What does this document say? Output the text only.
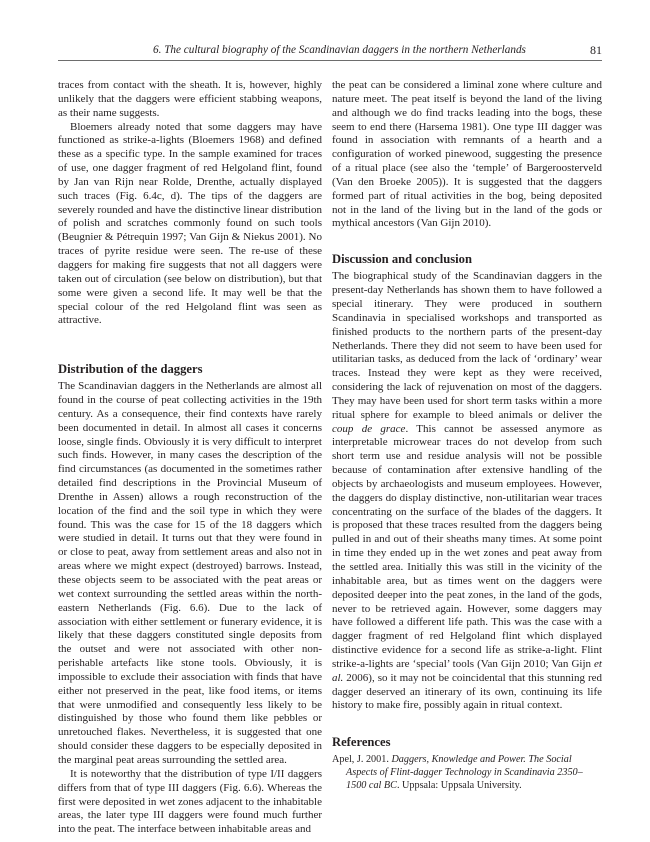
6. The cultural biography of the Scandinavian daggers in the northern Netherlands	81

traces from contact with the sheath. It is, however, highly unlikely that the daggers were efficient stabbing weapons, as their name suggests.

Bloemers already noted that some daggers may have functioned as strike-a-lights (Bloemers 1968) and defined these as a specific type. In the sample examined for traces of use, one dagger fragment of red Helgoland flint, found by Jan van Rijn near Rolde, Drenthe, actually displayed such traces (Fig. 6.4c, d). The tips of the daggers are severely rounded and have the distinctive linear distribution of polish and scratches commonly found on such tools (Beugnier & Pétrequin 1997; Van Gijn & Niekus 2001). No traces of pyrite residue were seen. The re-use of these daggers for making fire suggests that not all daggers were taken out of circulation (see below on distribution), but that some were given a second life. It may well be that the special colour of the red Helgoland flint was seen as attractive.

Distribution of the daggers

The Scandinavian daggers in the Netherlands are almost all found in the course of peat collecting activities in the 19th century. As a consequence, their find contexts have rarely been documented in detail. In almost all cases it concerns loose, single finds. Obviously it is very difficult to interpret such finds. However, in many cases the description of the find circumstances (as documented in the sometimes rather detailed find descriptions in the Provincial Museum of Drenthe in Assen) allows a rough reconstruction of the location of the find and the soil type in which they were found. This was the case for 15 of the 18 daggers which were studied in detail. It turns out that they were found in or close to peat, away from settlement areas and also not in areas where we might expect (destroyed) barrows. Instead, these objects seem to be associated with the peat areas or wet context surrounding the settled areas within the north-eastern Netherlands (Fig. 6.6). Due to the lack of association with either settlement or funerary evidence, it is likely that these daggers constituted single deposits from the outset and were not associated with other non-perishable artefacts like stone tools. Obviously, it is impossible to exclude their association with finds that have either not preserved in the peat, like food items, or items that were unmodified and consequently less likely to be distinguished by those who found them like pebbles or unretouched flakes. Nevertheless, it is suggested that one should consider these daggers to be especially deposited in the marginal peat areas surrounding the settled area.

It is noteworthy that the distribution of type I/II daggers differs from that of type III daggers (Fig. 6.6). Whereas the first were deposited in wet zones adjacent to the inhabitable areas, the later type III daggers were found much further into the peat. The interface between inhabitable areas and

the peat can be considered a liminal zone where culture and nature meet. The peat itself is beyond the land of the living and although we do find tracks leading into the bogs, these seem to end there (Harsema 1981). One type III dagger was found in association with remnants of a hearth and a configuration of worked pinewood, suggesting the presence of a ritual place (see also the ‘temple’ of Bargeroosterveld (Van den Broeke 2005)). It is suggested that the daggers formed part of ritual activities in the bog, being deposited not in the land of the living but in the land of the gods or mythical ancestors (Van Gijn 2010).

Discussion and conclusion

The biographical study of the Scandinavian daggers in the present-day Netherlands has shown them to have followed a special itinerary. They were produced in southern Scandinavia in specialised workshops and transported as finished products to the northern parts of the present-day Netherlands. There they did not seem to have been used for utilitarian tasks, as deduced from the lack of ‘ordinary’ wear traces. Instead they were kept as they were received, considering the lack of rejuvenation on most of the daggers. They may have been used for short term tasks within a more ritual sphere for example to bleed animals or deliver the coup de grace. This cannot be assessed anymore as interpretable microwear traces do not develop from such short term use and residue analysis will not be possible because of contamination after extensive handling of the objects by archaeologists and museum employees. However, the daggers do display distinctive, non-utilitarian wear traces concentrating on the surface of the blades of the daggers. It is proposed that these traces resulted from the daggers being pulled in and out of their sheaths many times. At some point in time they ended up in the wet zones and peat away from the settled area. Initially this was still in the vicinity of the inhabitable area, but as times went on the daggers were deposited deeper into the peat zones, in the land of the gods, never to be retrieved again. However, some daggers may have followed a different life path. This was the case with a dagger fragment of red Helgoland flint which displayed distinctive evidence for a second life as strike-a-light. Flint strike-a-lights are ‘special’ tools (Van Gijn 2010; Van Gijn et al. 2006), so it may not be coincidental that this stunning red dagger deserved an itinerary of its own, continuing its life history to make fire, possibly again in ritual context.

References

Apel, J. 2001. Daggers, Knowledge and Power. The Social Aspects of Flint-dagger Technology in Scandinavia 2350–1500 cal BC. Uppsala: Uppsala University.
